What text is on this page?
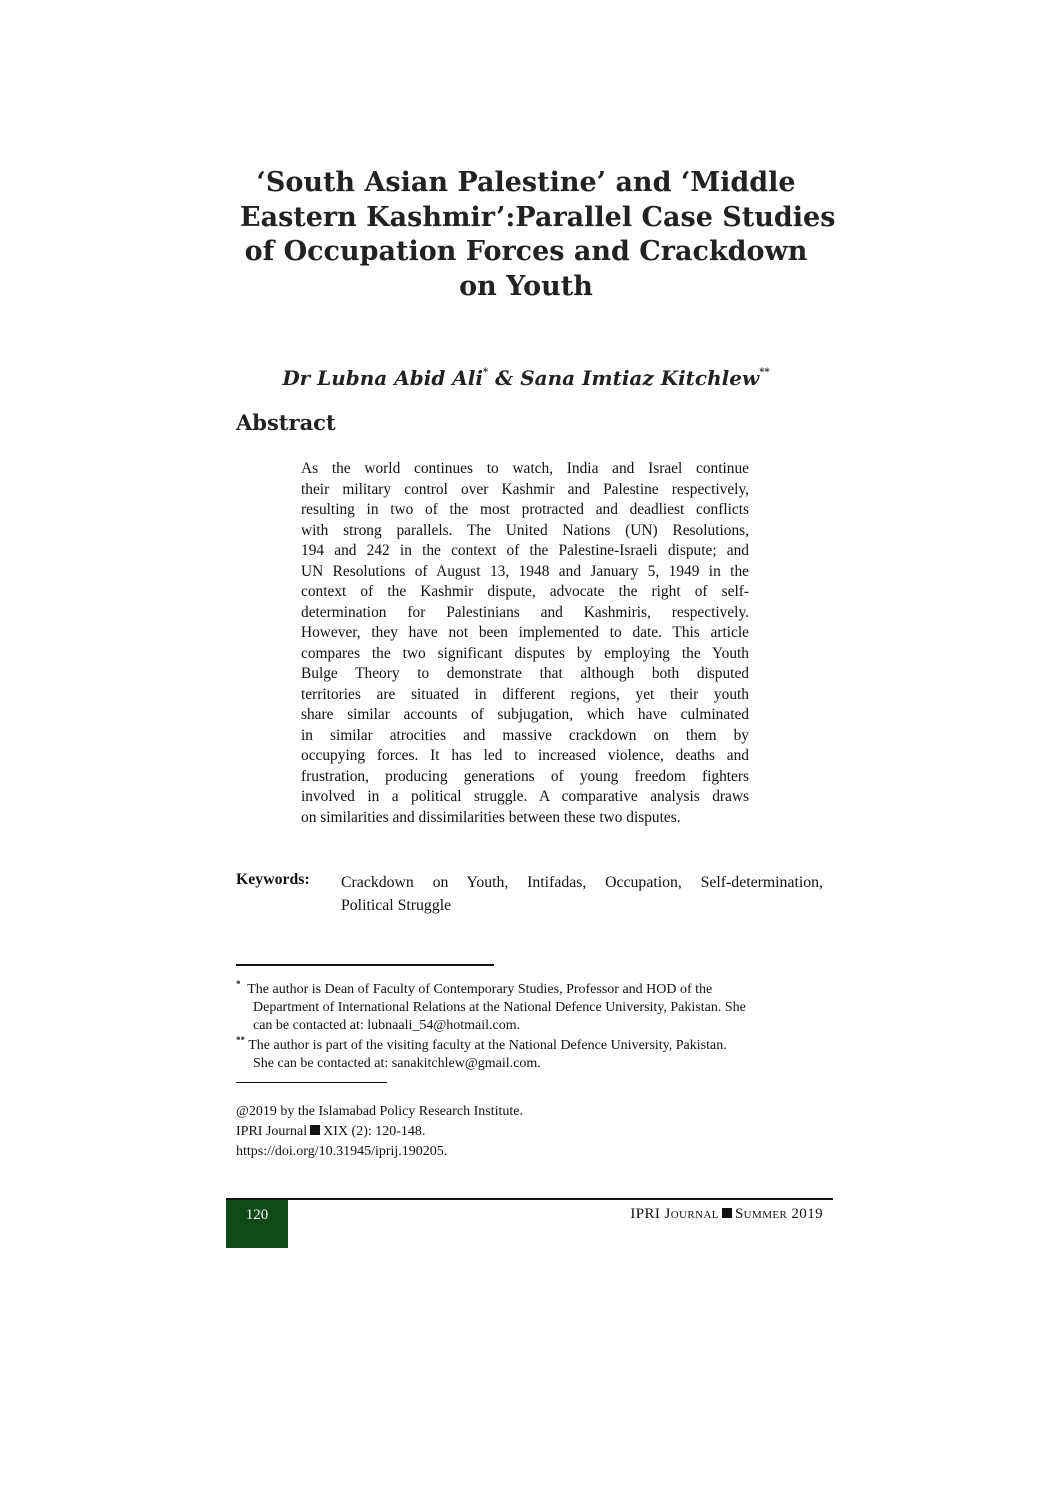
‘South Asian Palestine’ and ‘Middle
Eastern Kashmir’:Parallel Case Studies
of Occupation Forces and Crackdown
on Youth
Dr Lubna Abid Ali* & Sana Imtiaz Kitchlew**
Abstract
As the world continues to watch, India and Israel continue
their military control over Kashmir and Palestine respectively,
resulting in two of the most protracted and deadliest conflicts
with strong parallels. The United Nations (UN) Resolutions,
194 and 242 in the context of the Palestine-Israeli dispute; and
UN Resolutions of August 13, 1948 and January 5, 1949 in the
context of the Kashmir dispute, advocate the right of self-
determination for Palestinians and Kashmiris, respectively.
However, they have not been implemented to date. This article
compares the two significant disputes by employing the Youth
Bulge Theory to demonstrate that although both disputed
territories are situated in different regions, yet their youth
share similar accounts of subjugation, which have culminated
in similar atrocities and massive crackdown on them by
occupying forces. It has led to increased violence, deaths and
frustration, producing generations of young freedom fighters
involved in a political struggle. A comparative analysis draws
on similarities and dissimilarities between these two disputes.
Keywords: Crackdown on Youth, Intifadas, Occupation, Self-determination,
Political Struggle
* The author is Dean of Faculty of Contemporary Studies, Professor and HOD of the
Department of International Relations at the National Defence University, Pakistan. She
can be contacted at: lubnaali_54@hotmail.com.
** The author is part of the visiting faculty at the National Defence University, Pakistan.
She can be contacted at: sanakitchlew@gmail.com.
@2019 by the Islamabad Policy Research Institute.
IPRI Journal XIX (2): 120-148.
https://doi.org/10.31945/iprij.190205.
120	IPRI Journal Summer 2019
